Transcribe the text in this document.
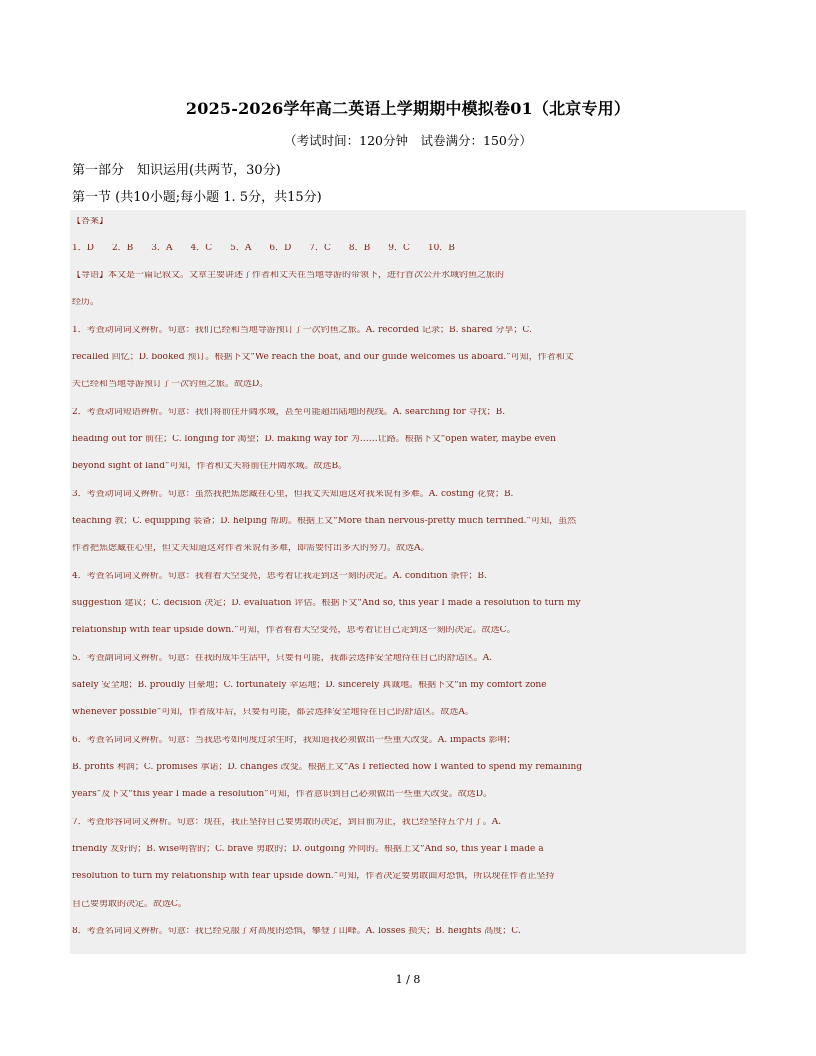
2025-2026学年高二英语上学期期中模拟卷01（北京专用）
（考试时间：120分钟　试卷满分：150分）
第一部分　知识运用(共两节，30分)
第一节 (共10小题;每小题 1. 5分，共15分)
【答案】
1．D　　2．B　　3．A　　4．C　　5．A　　6．D　　7．C　　8．B　　9．C　　10．B
【导语】本文是一篇记叙文。文章主要讲述了作者和丈夫在当地导游的带领下，进行首次公开水域钓鱼之旅的
经历。
1．考查动词词义辨析。句意：我们已经和当地导游预订了一次钓鱼之旅。A. recorded 记录；B. shared 分享；C.
recalled 回忆；D. booked 预订。根据下文“We reach the boat, and our guide welcomes us aboard.”可知，作者和丈
夫已经和当地导游预订了一次钓鱼之旅。故选D。
2．考查动词短语辨析。句意：我们将前往开阔水域，甚至可能超出陆地的视线。A. searching for 寻找；B.
heading out for 前往；C. longing for 渴望；D. making way for 为……让路。根据下文“open water, maybe even
beyond sight of land”可知，作者和丈夫将前往开阔水域。故选B。
3．考查动词词义辨析。句意：虽然我把焦虑藏在心里，但我丈夫知道这对我来说有多难。A. costing 花费；B.
teaching 教；C. equipping 装备；D. helping 帮助。根据上文“More than nervous-pretty much terrified.”可知，虽然
作者把焦虑藏在心里，但丈夫知道这对作者来说有多难，即需要付出多大的努力。故选A。
4．考查名词词义辨析。句意：我看着天空变亮，思考着让我走到这一刻的决定。A. condition 条件；B.
suggestion 建议；C. decision 决定；D. evaluation 评估。根据下文“And so, this year I made a resolution to turn my
relationship with fear upside down.”可知，作者看着天空变亮，思考着让自己走到这一刻的决定。故选C。
5．考查副词词义辨析。句意：在我的成年生活中，只要有可能，我都会选择安全地待在自己的舒适区。A.
safely 安全地；B. proudly 自豪地；C. fortunately 幸运地；D. sincerely 真诚地。根据下文“in my comfort zone
whenever possible”可知，作者成年后，只要有可能，都会选择安全地待在自己的舒适区。故选A。
6．考查名词词义辨析。句意：当我思考如何度过余生时，我知道我必须做出一些重大改变。A. impacts 影响；
B. profits 利润；C. promises 承诺；D. changes 改变。根据上文“As I reflected how I wanted to spend my remaining
years”及下文“this year I made a resolution”可知，作者意识到自己必须做出一些重大改变。故选D。
7．考查形容词词义辨析。句意：现在，我正坚持自己要勇敢的决定，到目前为止，我已经坚持五个月了。A.
friendly 友好的；B. wise明智的；C. brave 勇敢的；D. outgoing 外向的。根据上文“And so, this year I made a
resolution to turn my relationship with fear upside down.”可知，作者决定要勇敢面对恐惧，所以现在作者正坚持
自己要勇敢的决定。故选C。
8．考查名词词义辨析。句意：我已经克服了对高度的恐惧，攀登了山峰。A. losses 损失；B. heights 高度；C.
1 / 8
